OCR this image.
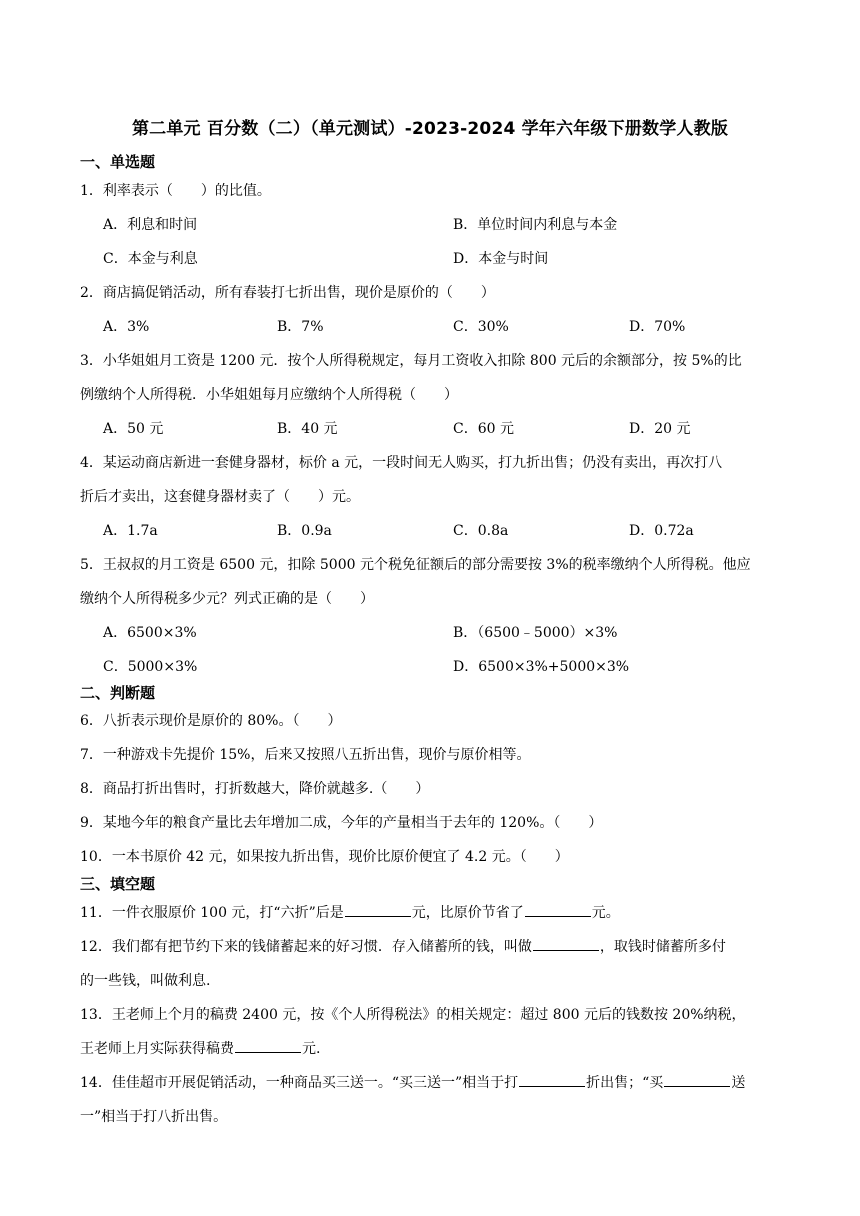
第二单元 百分数（二）（单元测试）-2023-2024 学年六年级下册数学人教版
一、单选题
1．利率表示（　　）的比值。
A．利息和时间	B．单位时间内利息与本金
C．本金与利息	D．本金与时间
2．商店搞促销活动，所有春装打七折出售，现价是原价的（　　）
A．3%	B．7%	C．30%	D．70%
3．小华姐姐月工资是 1200 元．按个人所得税规定，每月工资收入扣除 800 元后的余额部分，按 5%的比
例缴纳个人所得税．小华姐姐每月应缴纳个人所得税（　　）
A．50 元	B．40 元	C．60 元	D．20 元
4．某运动商店新进一套健身器材，标价 a 元，一段时间无人购买，打九折出售；仍没有卖出，再次打八
折后才卖出，这套健身器材卖了（　　）元。
A．1.7a	B．0.9a	C．0.8a	D．0.72a
5．王叔叔的月工资是 6500 元，扣除 5000 元个税免征额后的部分需要按 3%的税率缴纳个人所得税。他应
缴纳个人所得税多少元？列式正确的是（　　）
A．6500×3%	B．（6500﹣5000）×3%
C．5000×3%	D．6500×3%+5000×3%
二、判断题
6．八折表示现价是原价的 80%。（　　）
7．一种游戏卡先提价 15%，后来又按照八五折出售，现价与原价相等。
8．商品打折出售时，打折数越大，降价就越多.（　　）
9．某地今年的粮食产量比去年增加二成，今年的产量相当于去年的 120%。（　　）
10．一本书原价 42 元，如果按九折出售，现价比原价便宜了 4.2 元。（　　）
三、填空题
11．一件衣服原价 100 元，打“六折”后是	元，比原价节省了	元。
12．我们都有把节约下来的钱储蓄起来的好习惯．存入储蓄所的钱，叫做	，取钱时储蓄所多付
的一些钱，叫做利息.
13．王老师上个月的稿费 2400 元，按《个人所得税法》的相关规定：超过 800 元后的钱数按 20%纳税，
王老师上月实际获得稿费	元.
14．佳佳超市开展促销活动，一种商品买三送一。“买三送一”相当于打	折出售；“买	送
一”相当于打八折出售。
